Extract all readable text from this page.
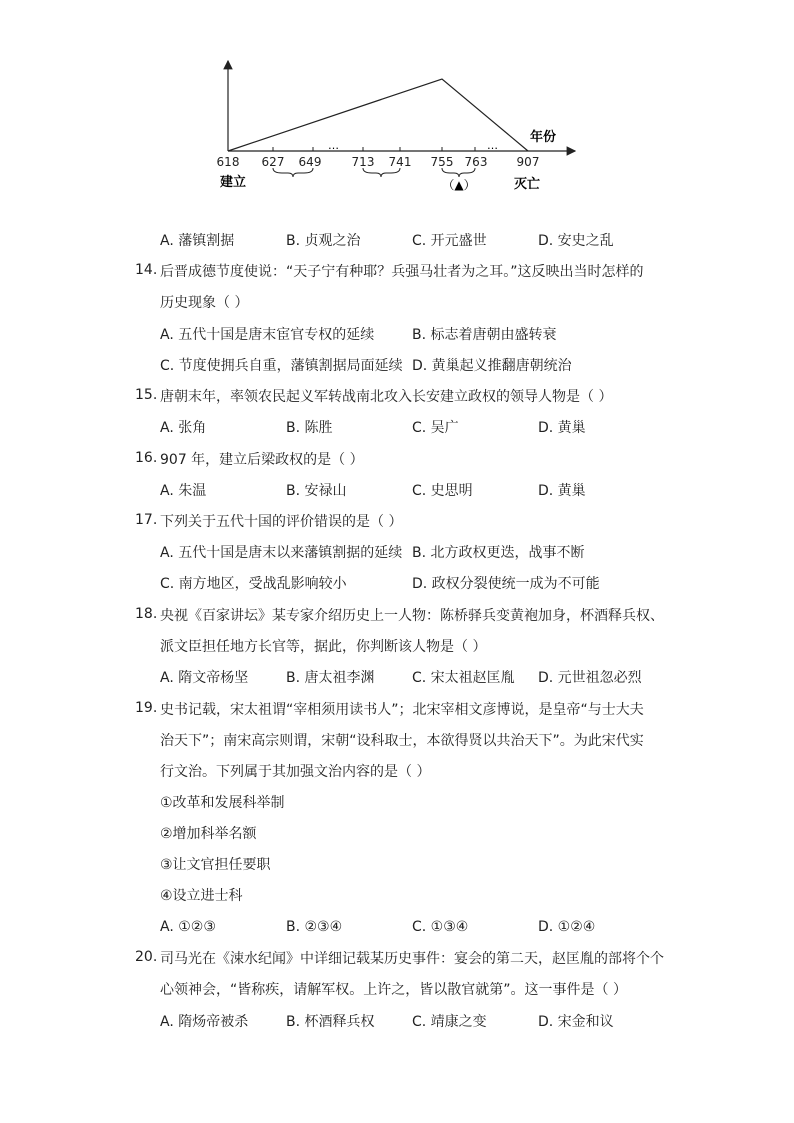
…	…
年份
618 627 649	713 741 755 763 907
（▲）
建立	灭亡
A. 藩镇割据	B. 贞观之治	C. 开元盛世	D. 安史之乱
14. 后晋成德节度使说：“天子宁有种耶？兵强马壮者为之耳。”这反映出当时怎样的
历史现象（ ）
A. 五代十国是唐末宦官专权的延续	B. 标志着唐朝由盛转衰
C. 节度使拥兵自重，藩镇割据局面延续 D. 黄巢起义推翻唐朝统治
15. 唐朝末年，率领农民起义军转战南北攻入长安建立政权的领导人物是（ ）
A. 张角	B. 陈胜	C. 吴广	D. 黄巢
16. 907 年，建立后梁政权的是（ ）
A. 朱温	B. 安禄山	C. 史思明	D. 黄巢
17. 下列关于五代十国的评价错误的是（ ）
A. 五代十国是唐末以来藩镇割据的延续 B. 北方政权更迭，战事不断
C. 南方地区，受战乱影响较小	D. 政权分裂使统一成为不可能
18. 央视《百家讲坛》某专家介绍历史上一人物：陈桥驿兵变黄袍加身，杯酒释兵权、
派文臣担任地方长官等，据此，你判断该人物是（ ）
A. 隋文帝杨坚	B. 唐太祖李渊	C. 宋太祖赵匡胤 D. 元世祖忽必烈
19. 史书记载，宋太祖谓“宰相须用读书人”；北宋宰相文彦博说，是皇帝“与士大夫
治天下”；南宋高宗则谓，宋朝“设科取士，本欲得贤以共治天下”。为此宋代实
行文治。下列属于其加强文治内容的是（ ）
①改革和发展科举制
②增加科举名额
③让文官担任要职
④设立进士科
A. ①②③	B. ②③④	C. ①③④	D. ①②④
20. 司马光在《涑水纪闻》中详细记载某历史事件：宴会的第二天，赵匡胤的部将个个
心领神会，“皆称疾，请解军权。上许之，皆以散官就第”。这一事件是（ ）
A. 隋炀帝被杀	B. 杯酒释兵权	C. 靖康之变	D. 宋金和议
